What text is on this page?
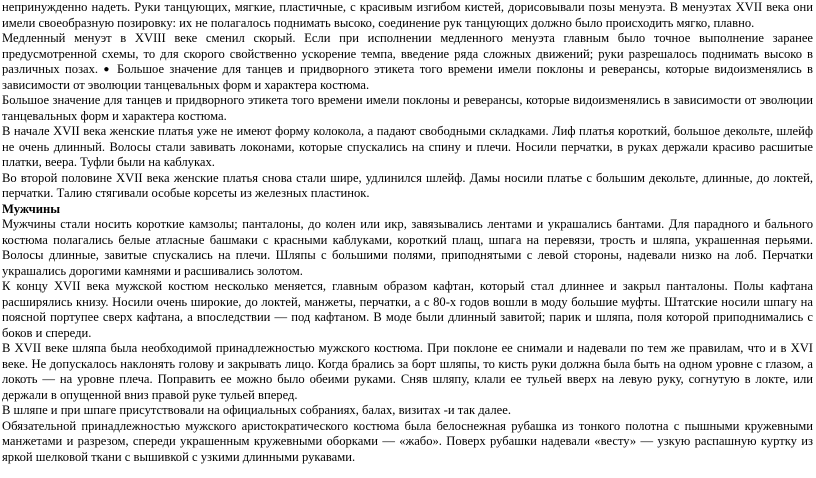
непринужденно надеть. Руки танцующих, мягкие, пластичные, с красивым изгибом кистей, дорисовывали позы менуэта. В менуэтах XVII века они имели своеобразную позировку: их не полагалось поднимать высоко, соединение рук танцующих должно было происходить мягко, плавно.

Медленный менуэт в XVIII веке сменил скорый. Если при исполнении медленного менуэта главным было точное выполнение заранее предусмотренной схемы, то для скорого свойственно ускорение темпа, введение ряда сложных движений; руки разрешалось поднимать высоко в различных позах. ● Большое значение для танцев и придворного этикета того времени имели поклоны и реверансы, которые видоизменялись в зависимости от эволюции танцевальных форм и характера костюма.

Большое значение для танцев и придворного этикета того времени имели поклоны и реверансы, которые видоизменялись в зависимости от эволюции танцевальных форм и характера костюма.

В начале XVII века женские платья уже не имеют форму колокола, а падают свободными складками. Лиф платья короткий, большое декольте, шлейф не очень длинный. Волосы стали завивать локонами, которые спускались на спину и плечи. Носили перчатки, в руках держали красиво расшитые платки, веера. Туфли были на каблуках.

Во второй половине XVII века женские платья снова стали шире, удлинился шлейф. Дамы носили платье с большим декольте, длинные, до локтей, перчатки. Талию стягивали особые корсеты из железных пластинок.

Мужчины

Мужчины стали носить короткие камзолы; панталоны, до колен или икр, завязывались лентами и украшались бантами. Для парадного и бального костюма полагались белые атласные башмаки с красными каблуками, короткий плащ, шпага на перевязи, трость и шляпа, украшенная перьями. Волосы длинные, завитые спускались на плечи. Шляпы с большими полями, приподнятыми с левой стороны, надевали низко на лоб. Перчатки украшались дорогими камнями и расшивались золотом.

К концу XVII века мужской костюм несколько меняется, главным образом кафтан, который стал длиннее и закрыл панталоны. Полы кафтана расширялись книзу. Носили очень широкие, до локтей, манжеты, перчатки, а с 80-х годов вошли в моду большие муфты. Штатские носили шпагу на поясной портупее сверх кафтана, а впоследствии — под кафтаном. В моде были длинный завитой; парик и шляпа, поля которой приподнимались с боков и спереди.

В XVII веке шляпа была необходимой принадлежностью мужского костюма. При поклоне ее снимали и надевали по тем же правилам, что и в XVI веке. Не допускалось наклонять голову и закрывать лицо. Когда брались за борт шляпы, то кисть руки должна была быть на одном уровне с глазом, а локоть — на уровне плеча. Поправить ее можно было обеими руками. Сняв шляпу, клали ее тульей вверх на левую руку, согнутую в локте, или держали в опущенной вниз правой руке тульей вперед.

В шляпе и при шпаге присутствовали на официальных собраниях, балах, визитах -и так далее.

Обязательной принадлежностью мужского аристократического костюма была белоснежная рубашка из тонкого полотна с пышными кружевными манжетами и разрезом, спереди украшенным кружевными оборками — «жабо». Поверх рубашки надевали «весту» — узкую распашную куртку из яркой шелковой ткани с вышивкой с узкими длинными рукавами.
